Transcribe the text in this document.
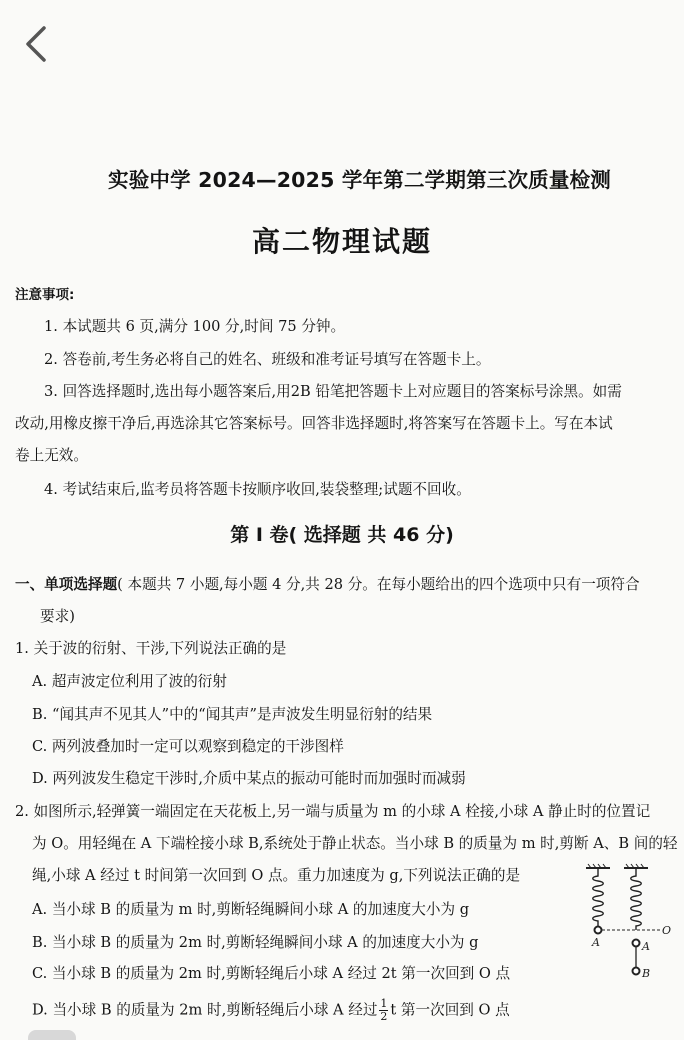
实验中学 2024—2025 学年第二学期第三次质量检测
高二物理试题
注意事项:
1. 本试题共 6 页,满分 100 分,时间 75 分钟。
2. 答卷前,考生务必将自己的姓名、班级和准考证号填写在答题卡上。
3. 回答选择题时,选出每小题答案后,用2B 铅笔把答题卡上对应题目的答案标号涂黑。如需
改动,用橡皮擦干净后,再选涂其它答案标号。回答非选择题时,将答案写在答题卡上。写在本试
卷上无效。
4. 考试结束后,监考员将答题卡按顺序收回,装袋整理;试题不回收。
第 I 卷( 选择题 共 46 分)
一、单项选择题( 本题共 7 小题,每小题 4 分,共 28 分。在每小题给出的四个选项中只有一项符合
要求)
1. 关于波的衍射、干涉,下列说法正确的是
A. 超声波定位利用了波的衍射
B. “闻其声不见其人”中的“闻其声”是声波发生明显衍射的结果
C. 两列波叠加时一定可以观察到稳定的干涉图样
D. 两列波发生稳定干涉时,介质中某点的振动可能时而加强时而减弱
2. 如图所示,轻弹簧一端固定在天花板上,另一端与质量为 m 的小球 A 栓接,小球 A 静止时的位置记
为 O。用轻绳在 A 下端栓接小球 B,系统处于静止状态。当小球 B 的质量为 m 时,剪断 A、B 间的轻
绳,小球 A 经过 t 时间第一次回到 O 点。重力加速度为 g,下列说法正确的是
A. 当小球 B 的质量为 m 时,剪断轻绳瞬间小球 A 的加速度大小为 g
B. 当小球 B 的质量为 2m 时,剪断轻绳瞬间小球 A 的加速度大小为 g
C. 当小球 B 的质量为 2m 时,剪断轻绳后小球 A 经过 2t 第一次回到 O 点
D. 当小球 B 的质量为 2m 时,剪断轻绳后小球 A 经过 $\frac{1}{2}$ t 第一次回到 O 点
A
O
A
B
